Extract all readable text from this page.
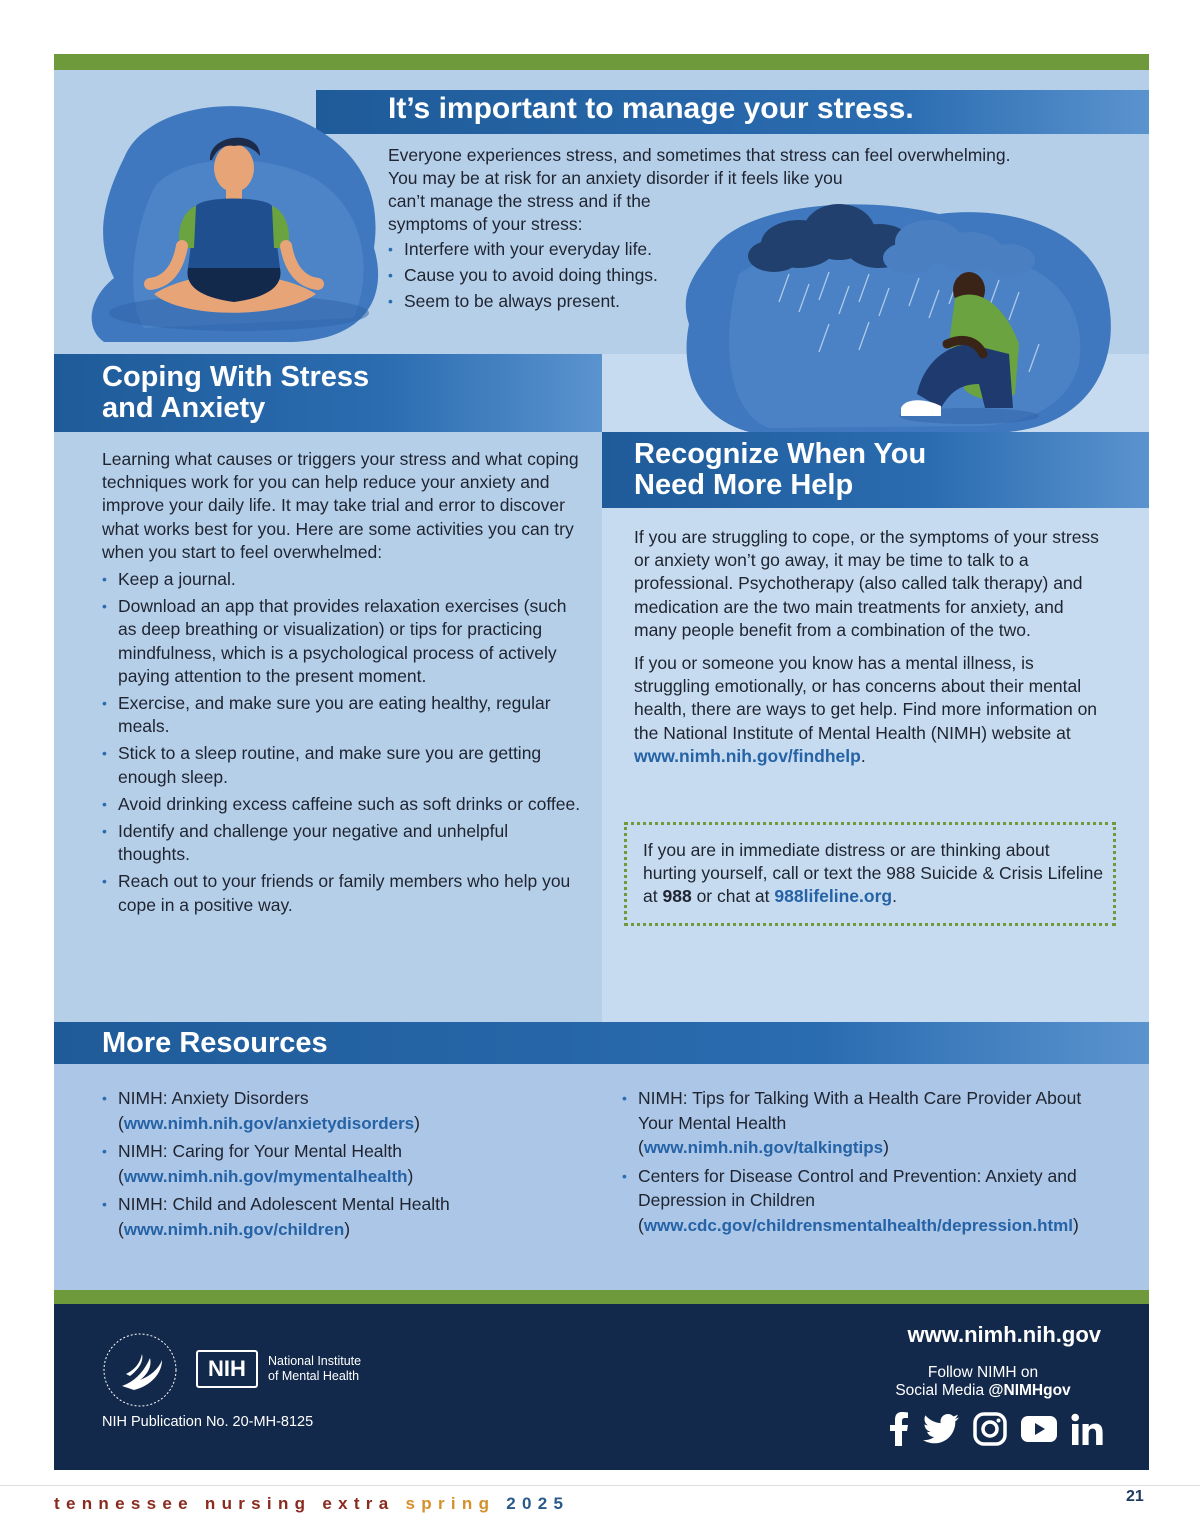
It’s important to manage your stress.

Everyone experiences stress, and sometimes that stress can feel overwhelming.

You may be at risk for an anxiety disorder if it feels like you

can’t manage the stress and if the

symptoms of your stress:

• Interfere with your everyday life.
• Cause you to avoid doing things.
• Seem to be always present.
Coping With Stress
and Anxiety

Learning what causes or triggers your stress and what coping techniques work for you can help reduce your anxiety and improve your daily life. It may take trial and error to discover what works best for you. Here are some activities you can try when you start to feel overwhelmed:

• Keep a journal.
• Download an app that provides relaxation exercises (such as deep breathing or visualization) or tips for practicing mindfulness, which is a psychological process of actively paying attention to the present moment.
• Exercise, and make sure you are eating healthy, regular meals.
• Stick to a sleep routine, and make sure you are getting enough sleep.
• Avoid drinking excess caffeine such as soft drinks or coffee.
• Identify and challenge your negative and unhelpful thoughts.
• Reach out to your friends or family members who help you cope in a positive way.
Recognize When You
Need More Help

If you are struggling to cope, or the symptoms of your stress or anxiety won’t go away, it may be time to talk to a professional. Psychotherapy (also called talk therapy) and medication are the two main treatments for anxiety, and many people benefit from a combination of the two.

If you or someone you know has a mental illness, is struggling emotionally, or has concerns about their mental health, there are ways to get help. Find more information on the National Institute of Mental Health (NIMH) website at www.nimh.nih.gov/findhelp.

If you are in immediate distress or are thinking about hurting yourself, call or text the 988 Suicide & Crisis Lifeline at 988 or chat at 988lifeline.org.
More Resources
• NIMH: Anxiety Disorders
(www.nimh.nih.gov/anxietydisorders)
• NIMH: Caring for Your Mental Health
(www.nimh.nih.gov/mymentalhealth)
• NIMH: Child and Adolescent Mental Health
(www.nimh.nih.gov/children)
• NIMH: Tips for Talking With a Health Care Provider About Your Mental Health
(www.nimh.nih.gov/talkingtips)
• Centers for Disease Control and Prevention: Anxiety and Depression in Children
(www.cdc.gov/childrensmentalhealth/depression.html)
NIH	National Institute
of Mental Health
NIH Publication No. 20-MH-8125
www.nimh.nih.gov
Follow NIMH on
Social Media @NIMHgov
tennessee nursing extra spring 2025	21
